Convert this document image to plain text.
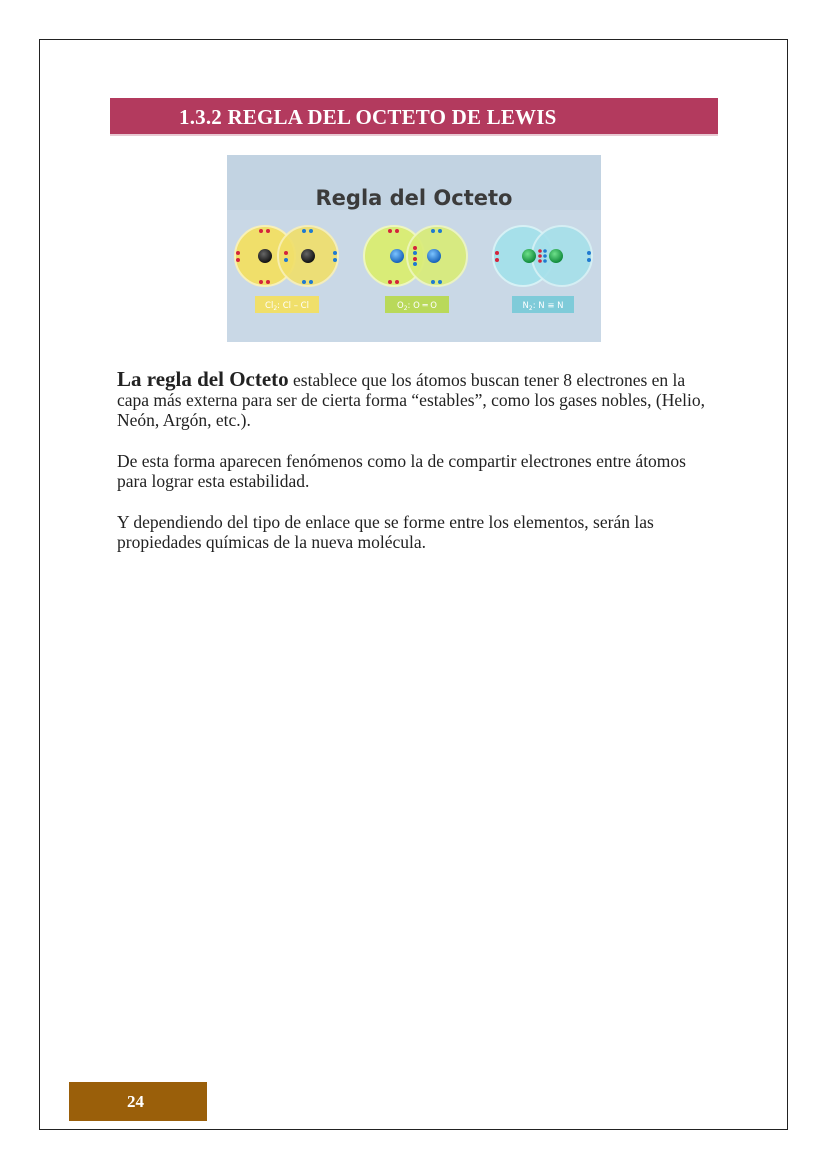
1.3.2 REGLA DEL OCTETO DE LEWIS
Regla del Octeto
$Cl_2$: Cl – Cl	$O_2$: O ═ O	$N_2$: N ≡ N

La regla del Octeto establece que los átomos buscan tener 8 electrones en la capa más externa para ser de cierta forma “estables”, como los gases nobles, (Helio, Neón, Argón, etc.).

De esta forma aparecen fenómenos como la de compartir electrones entre átomos para lograr esta estabilidad.

Y dependiendo del tipo de enlace que se forme entre los elementos, serán las propiedades químicas de la nueva molécula.

24
